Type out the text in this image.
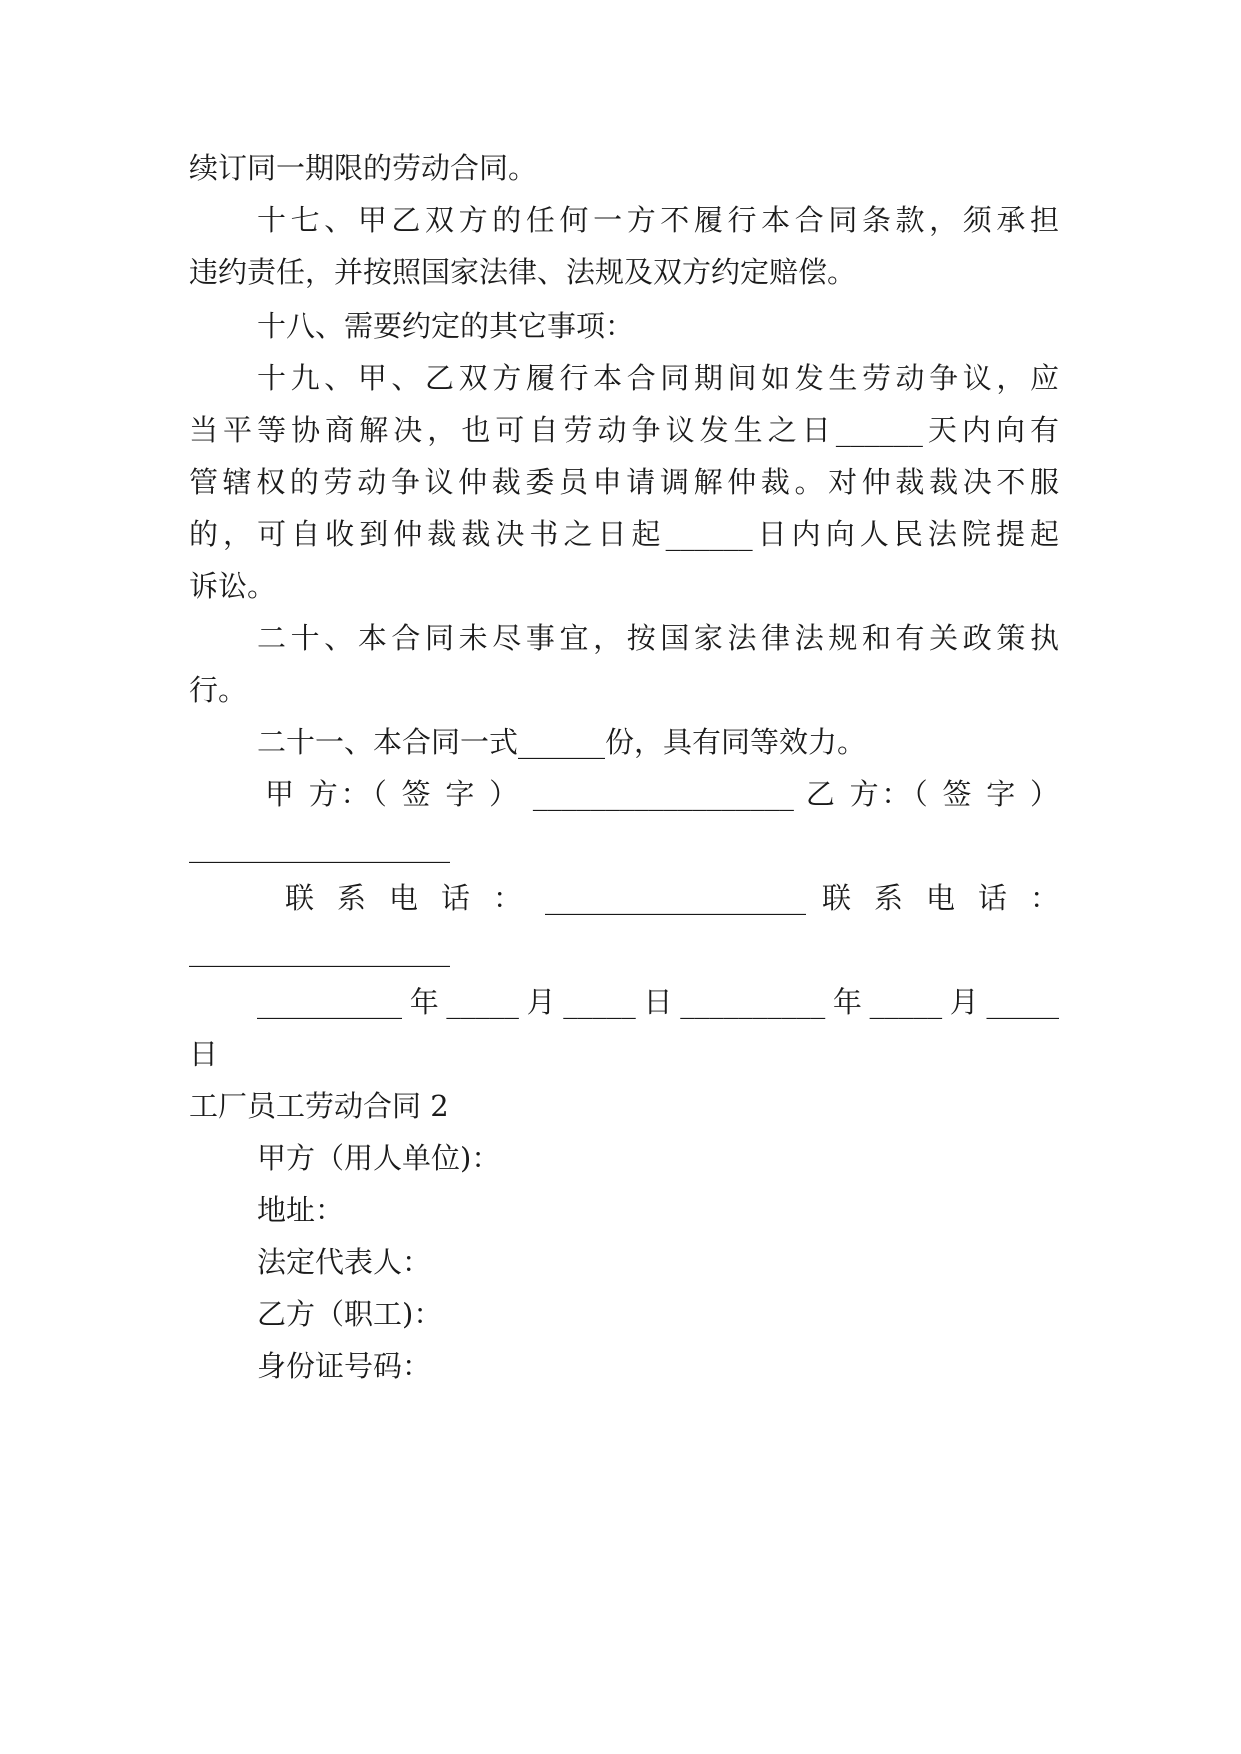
续订同一期限的劳动合同。
十七、甲乙双方的任何一方不履行本合同条款，须承担
违约责任，并按照国家法律、法规及双方约定赔偿。
十八、需要约定的其它事项：
十九、甲、乙双方履行本合同期间如发生劳动争议，应
当平等协商解决，也可自劳动争议发生之日______天内向有
管辖权的劳动争议仲裁委员申请调解仲裁。对仲裁裁决不服
的，可自收到仲裁裁决书之日起______日内向人民法院提起
诉讼。
二十、本合同未尽事宜，按国家法律法规和有关政策执
行。
二十一、本合同一式______份，具有同等效力。
甲 方：（ 签 字 ） __________________ 乙 方：（ 签 字 ）
__________________
联 系 电 话 ： __________________ 联 系 电 话 ：
__________________
__________年_____月_____日__________年_____月_____
日
工厂员工劳动合同 2
甲方（用人单位)：
地址：
法定代表人：
乙方（职工)：
身份证号码：
